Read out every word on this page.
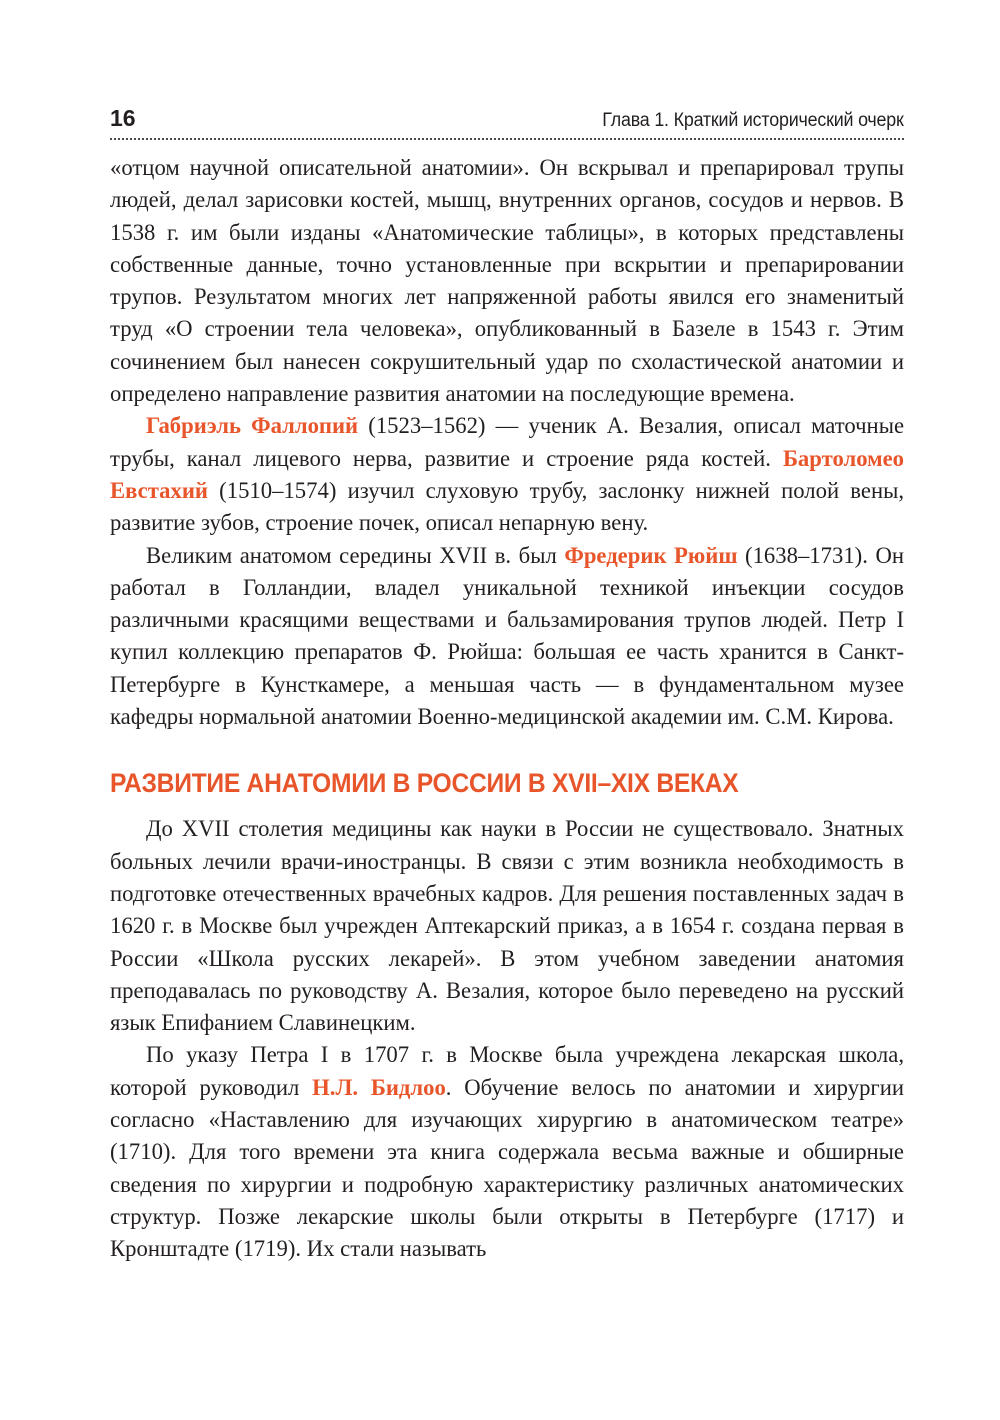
16	Глава 1. Краткий исторический очерк

«отцом научной описательной анатомии». Он вскрывал и препарировал трупы людей, делал зарисовки костей, мышц, внутренних органов, сосудов и нервов. В 1538 г. им были изданы «Анатомические таблицы», в которых представлены собственные данные, точно установленные при вскрытии и препарировании трупов. Результатом многих лет напряженной работы явился его знаменитый труд «О строении тела человека», опубликованный в Базеле в 1543 г. Этим сочинением был нанесен сокрушительный удар по схоластической анатомии и определено направление развития анатомии на последующие времена.

Габриэль Фаллопий (1523–1562) — ученик А. Везалия, описал маточные трубы, канал лицевого нерва, развитие и строение ряда костей. Бартоломео Евстахий (1510–1574) изучил слуховую трубу, заслонку нижней полой вены, развитие зубов, строение почек, описал непарную вену.

Великим анатомом середины XVII в. был Фредерик Рюйш (1638–1731). Он работал в Голландии, владел уникальной техникой инъекции сосудов различными красящими веществами и бальзамирования трупов людей. Петр I купил коллекцию препаратов Ф. Рюйша: большая ее часть хранится в Санкт-Петербурге в Кунсткамере, а меньшая часть — в фундаментальном музее кафедры нормальной анатомии Военно-медицинской академии им. С.М. Кирова.

РАЗВИТИЕ АНАТОМИИ В РОССИИ В XVII–XIX ВЕКАХ

До XVII столетия медицины как науки в России не существовало. Знатных больных лечили врачи-иностранцы. В связи с этим возникла необходимость в подготовке отечественных врачебных кадров. Для решения поставленных задач в 1620 г. в Москве был учрежден Аптекарский приказ, а в 1654 г. создана первая в России «Школа русских лекарей». В этом учебном заведении анатомия преподавалась по руководству А. Везалия, которое было переведено на русский язык Епифанием Славинецким.

По указу Петра I в 1707 г. в Москве была учреждена лекарская школа, которой руководил Н.Л. Бидлоо. Обучение велось по анатомии и хирургии согласно «Наставлению для изучающих хирургию в анатомическом театре» (1710). Для того времени эта книга содержала весьма важные и обширные сведения по хирургии и подробную характеристику различных анатомических структур. Позже лекарские школы были открыты в Петербурге (1717) и Кронштадте (1719). Их стали называть
